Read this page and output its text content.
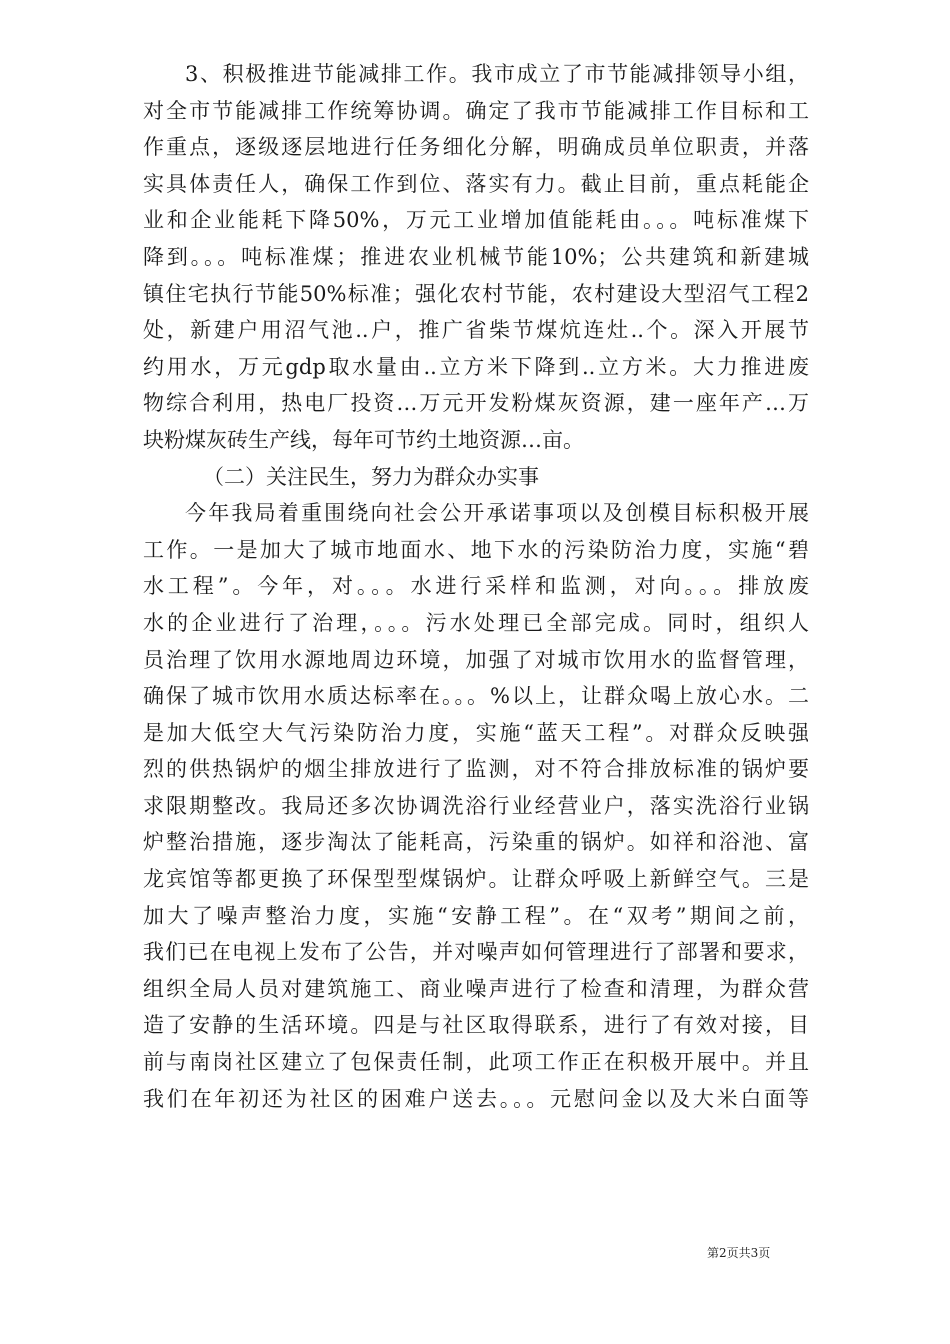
3、积极推进节能减排工作。我市成立了市节能减排领导小组，
对全市节能减排工作统筹协调。确定了我市节能减排工作目标和工
作重点，逐级逐层地进行任务细化分解，明确成员单位职责，并落
实具体责任人，确保工作到位、落实有力。截止目前，重点耗能企
业和企业能耗下降50%，万元工业增加值能耗由。。。吨标准煤下
降到。。。吨标准煤；推进农业机械节能10%；公共建筑和新建城
镇住宅执行节能50%标准；强化农村节能，农村建设大型沼气工程2
处，新建户用沼气池..户，推广省柴节煤炕连灶..个。深入开展节
约用水，万元gdp取水量由..立方米下降到..立方米。大力推进废
物综合利用，热电厂投资…万元开发粉煤灰资源，建一座年产…万
块粉煤灰砖生产线，每年可节约土地资源…亩。
（二）关注民生，努力为群众办实事
今年我局着重围绕向社会公开承诺事项以及创模目标积极开展
工作。一是加大了城市地面水、地下水的污染防治力度，实施“碧
水工程”。今年，对。。。水进行采样和监测，对向。。。排放废
水的企业进行了治理，。。。污水处理已全部完成。同时，组织人
员治理了饮用水源地周边环境，加强了对城市饮用水的监督管理，
确保了城市饮用水质达标率在。。。%以上，让群众喝上放心水。二
是加大低空大气污染防治力度，实施“蓝天工程”。对群众反映强
烈的供热锅炉的烟尘排放进行了监测，对不符合排放标准的锅炉要
求限期整改。我局还多次协调洗浴行业经营业户，落实洗浴行业锅
炉整治措施，逐步淘汰了能耗高，污染重的锅炉。如祥和浴池、富
龙宾馆等都更换了环保型型煤锅炉。让群众呼吸上新鲜空气。三是
加大了噪声整治力度，实施“安静工程”。在“双考”期间之前，
我们已在电视上发布了公告，并对噪声如何管理进行了部署和要求，
组织全局人员对建筑施工、商业噪声进行了检查和清理，为群众营
造了安静的生活环境。四是与社区取得联系，进行了有效对接，目
前与南岗社区建立了包保责任制，此项工作正在积极开展中。并且
我们在年初还为社区的困难户送去。。。元慰问金以及大米白面等
第2页共3页
